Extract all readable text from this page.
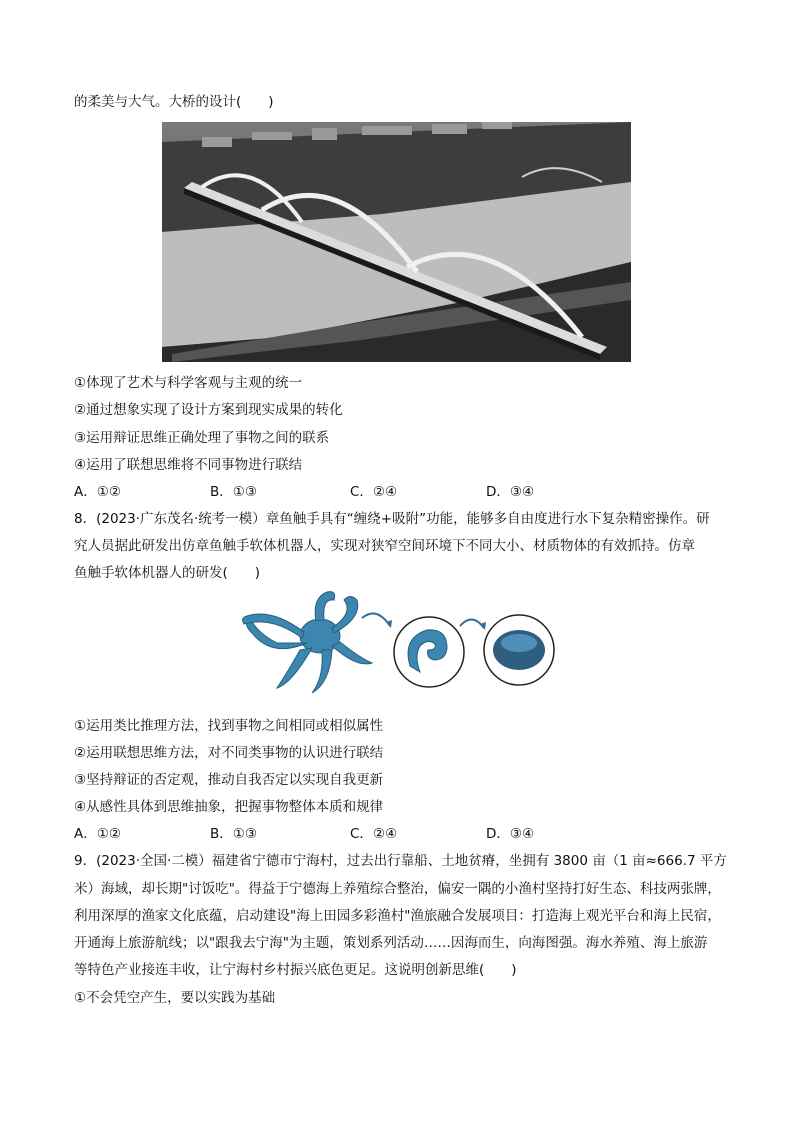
的柔美与大气。大桥的设计(　　)
①体现了艺术与科学客观与主观的统一
②通过想象实现了设计方案到现实成果的转化
③运用辩证思维正确处理了事物之间的联系
④运用了联想思维将不同事物进行联结
A．①②	B．①③	C．②④	D．③④
8．(2023·广东茂名·统考一模）章鱼触手具有“缠绕+吸附”功能，能够多自由度进行水下复杂精密操作。研
究人员据此研发出仿章鱼触手软体机器人，实现对狭窄空间环境下不同大小、材质物体的有效抓持。仿章
鱼触手软体机器人的研发(　　)
①运用类比推理方法，找到事物之间相同或相似属性
②运用联想思维方法，对不同类事物的认识进行联结
③坚持辩证的否定观，推动自我否定以实现自我更新
④从感性具体到思维抽象，把握事物整体本质和规律
A．①②	B．①③	C．②④	D．③④
9．(2023·全国·二模）福建省宁德市宁海村，过去出行靠船、土地贫瘠，坐拥有 3800 亩（1 亩≈666.7 平方
米）海域，却长期"讨饭吃"。得益于宁德海上养殖综合整治，偏安一隅的小渔村坚持打好生态、科技两张牌，
利用深厚的渔家文化底蕴，启动建设"海上田园多彩渔村"渔旅融合发展项目：打造海上观光平台和海上民宿，
开通海上旅游航线；以"跟我去宁海"为主题，策划系列活动……因海而生，向海图强。海水养殖、海上旅游
等特色产业接连丰收，让宁海村乡村振兴底色更足。这说明创新思维(　　)
①不会凭空产生，要以实践为基础
